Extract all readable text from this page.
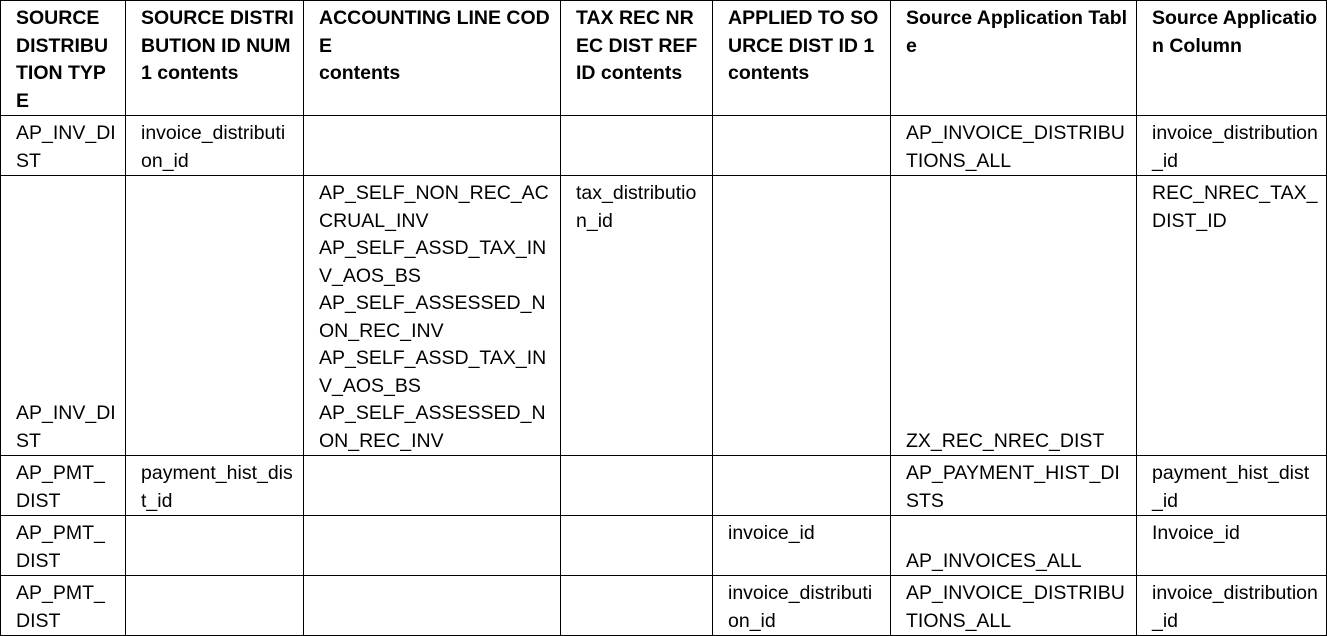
SOURCE DISTRIBU TION TYPE	SOURCE DISTRIBUTION ID NUM 1 contents	ACCOUNTING LINE CODE
contents	TAX REC NREC DIST REF ID contents	APPLIED TO SOURCE DIST ID 1 contents	Source Application Table	Source Application Column
AP_INV_DIST	invoice_distribution_id				AP_INVOICE_DISTRIBUTIONS_ALL	invoice_distribution_id
AP_INV_DIST		AP_SELF_NON_REC_ACCRUAL_INV
AP_SELF_ASSD_TAX_INV_AOS_BS
AP_SELF_ASSESSED_NON_REC_INV
AP_SELF_ASSD_TAX_INV_AOS_BS
AP_SELF_ASSESSED_NON_REC_INV	tax_distribution_id		ZX_REC_NREC_DIST	REC_NREC_TAX_DIST_ID
AP_PMT_DIST	payment_hist_dist_id				AP_PAYMENT_HIST_DISTS	payment_hist_dist_id
AP_PMT_DIST				invoice_id	AP_INVOICES_ALL	Invoice_id
AP_PMT_DIST				invoice_distribution_id	AP_INVOICE_DISTRIBUTIONS_ALL	invoice_distribution_id
